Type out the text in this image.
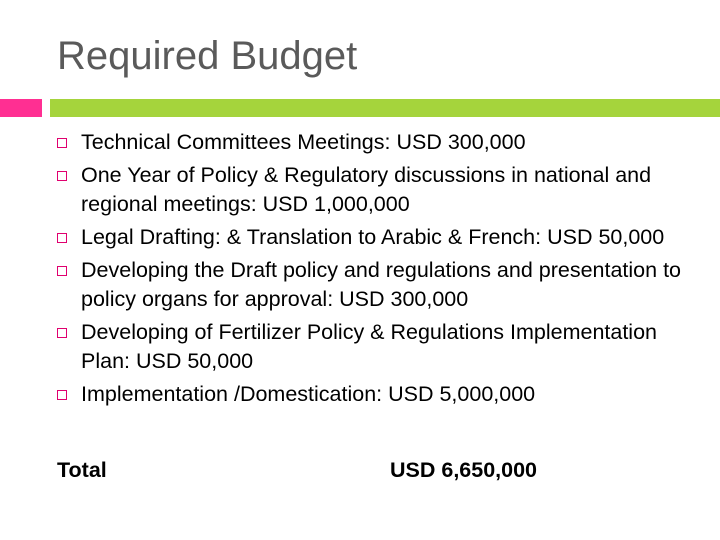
Required Budget
Technical Committees Meetings: USD 300,000
One Year of Policy & Regulatory discussions in national and regional meetings: USD 1,000,000
Legal Drafting: & Translation to Arabic & French: USD 50,000
Developing the Draft policy and regulations and presentation to policy organs for approval: USD 300,000
Developing of Fertilizer Policy & Regulations Implementation Plan: USD 50,000
Implementation /Domestication: USD 5,000,000
Total	USD 6,650,000
